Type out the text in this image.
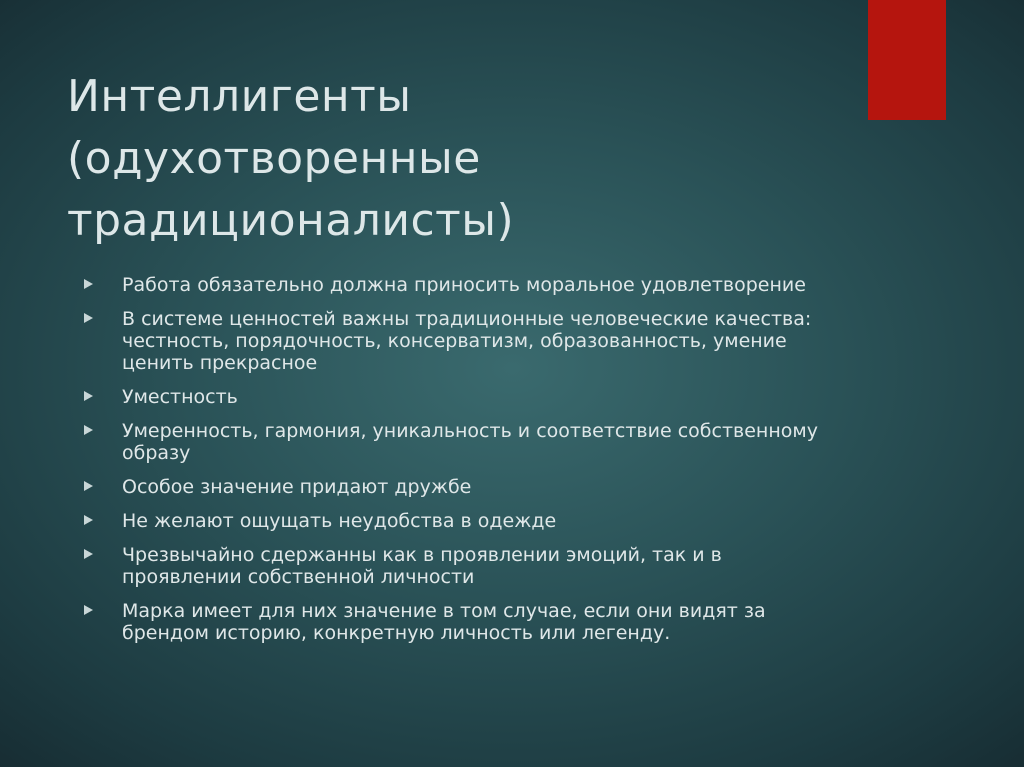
Интеллигенты
(одухотворенные
традиционалисты)
Работа обязательно должна приносить моральное удовлетворение
В системе ценностей важны традиционные человеческие качества: честность, порядочность, консерватизм, образованность, умение ценить прекрасное
Уместность
Умеренность, гармония, уникальность и соответствие собственному образу
Особое значение придают дружбе
Не желают ощущать неудобства в одежде
Чрезвычайно сдержанны как в проявлении эмоций, так и в проявлении собственной личности
Марка имеет для них значение в том случае, если они видят за брендом историю, конкретную личность или легенду.
